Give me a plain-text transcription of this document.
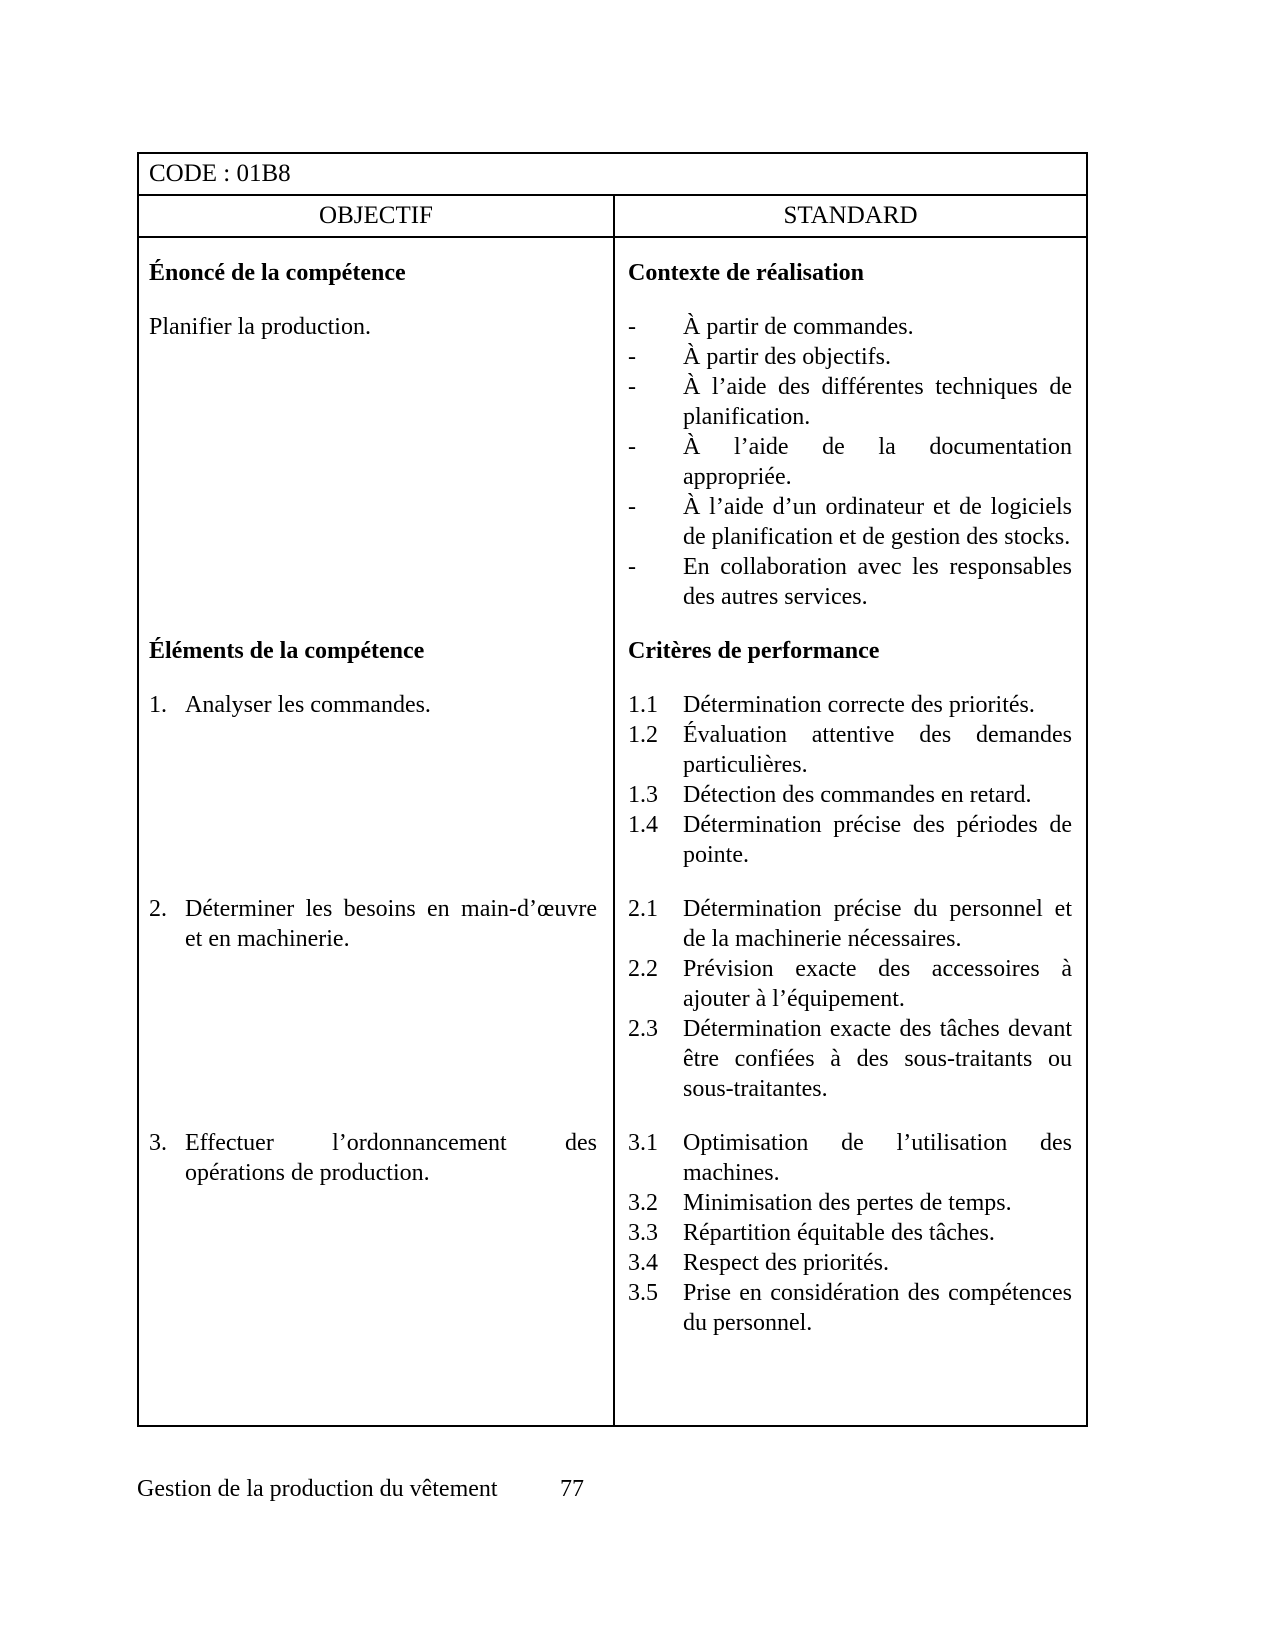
CODE : 01B8
OBJECTIF	STANDARD
Énoncé de la compétence	Contexte de réalisation
Planifier la production.	-	À partir de commandes.
-	À partir des objectifs.
-	À l’aide des différentes techniques de planification.
-	À l’aide de la documentation appropriée.
-	À l’aide d’un ordinateur et de logiciels de planification et de gestion des stocks.
-	En collaboration avec les responsables des autres services.
Éléments de la compétence	Critères de performance
1. Analyser les commandes.	1.1	Détermination correcte des priorités.
1.2	Évaluation attentive des demandes particulières.
1.3	Détection des commandes en retard.
1.4	Détermination précise des périodes de pointe.
2. Déterminer les besoins en main-d’œuvre et en machinerie.
2.1	Détermination précise du personnel et de la machinerie nécessaires.
2.2	Prévision exacte des accessoires à ajouter à l’équipement.
2.3	Détermination exacte des tâches devant être confiées à des sous-traitants ou sous-traitantes.
3. Effectuer l’ordonnancement des opérations de production.
3.1	Optimisation de l’utilisation des machines.
3.2	Minimisation des pertes de temps.
3.3	Répartition équitable des tâches.
3.4	Respect des priorités.
3.5	Prise en considération des compétences du personnel.
Gestion de la production du vêtement	77
